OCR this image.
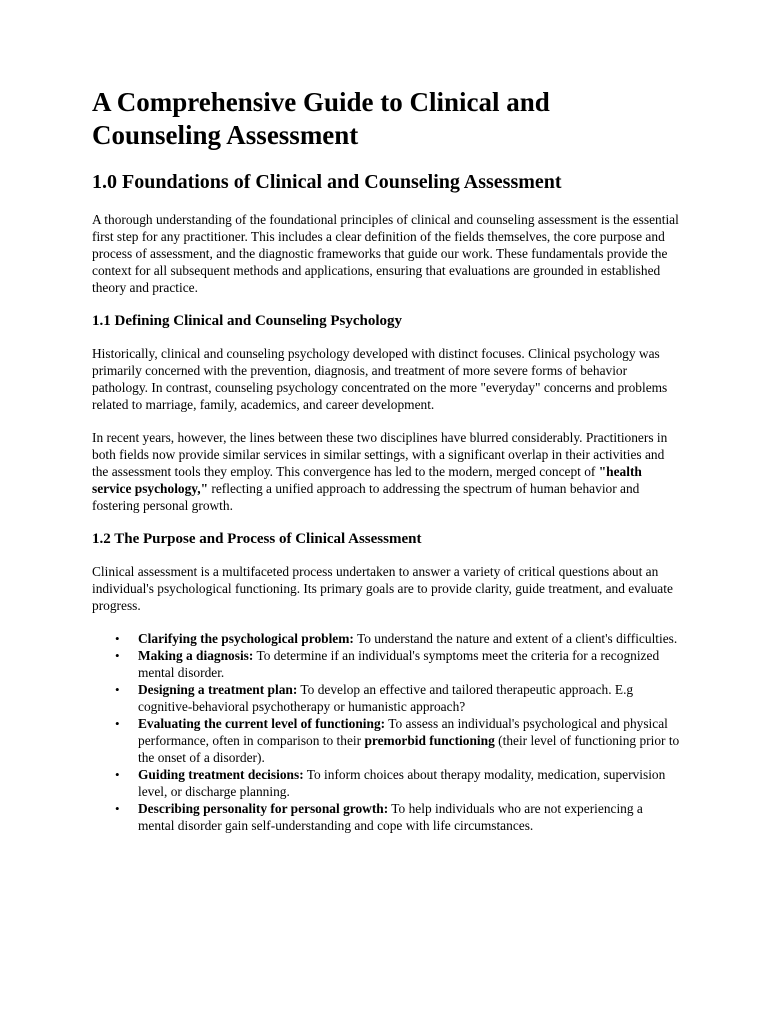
A Comprehensive Guide to Clinical and Counseling Assessment
1.0 Foundations of Clinical and Counseling Assessment

A thorough understanding of the foundational principles of clinical and counseling assessment is the essential first step for any practitioner. This includes a clear definition of the fields themselves, the core purpose and process of assessment, and the diagnostic frameworks that guide our work. These fundamentals provide the context for all subsequent methods and applications, ensuring that evaluations are grounded in established theory and practice.

1.1 Defining Clinical and Counseling Psychology

Historically, clinical and counseling psychology developed with distinct focuses. Clinical psychology was primarily concerned with the prevention, diagnosis, and treatment of more severe forms of behavior pathology. In contrast, counseling psychology concentrated on the more "everyday" concerns and problems related to marriage, family, academics, and career development.

In recent years, however, the lines between these two disciplines have blurred considerably. Practitioners in both fields now provide similar services in similar settings, with a significant overlap in their activities and the assessment tools they employ. This convergence has led to the modern, merged concept of "health service psychology," reflecting a unified approach to addressing the spectrum of human behavior and fostering personal growth.

1.2 The Purpose and Process of Clinical Assessment

Clinical assessment is a multifaceted process undertaken to answer a variety of critical questions about an individual's psychological functioning. Its primary goals are to provide clarity, guide treatment, and evaluate progress.

• Clarifying the psychological problem: To understand the nature and extent of a client's difficulties.
• Making a diagnosis: To determine if an individual's symptoms meet the criteria for a recognized mental disorder.
• Designing a treatment plan: To develop an effective and tailored therapeutic approach. E.g cognitive-behavioral psychotherapy or humanistic approach?
• Evaluating the current level of functioning: To assess an individual's psychological and physical performance, often in comparison to their premorbid functioning (their level of functioning prior to the onset of a disorder).
• Guiding treatment decisions: To inform choices about therapy modality, medication, supervision level, or discharge planning.
• Describing personality for personal growth: To help individuals who are not experiencing a mental disorder gain self-understanding and cope with life circumstances.
